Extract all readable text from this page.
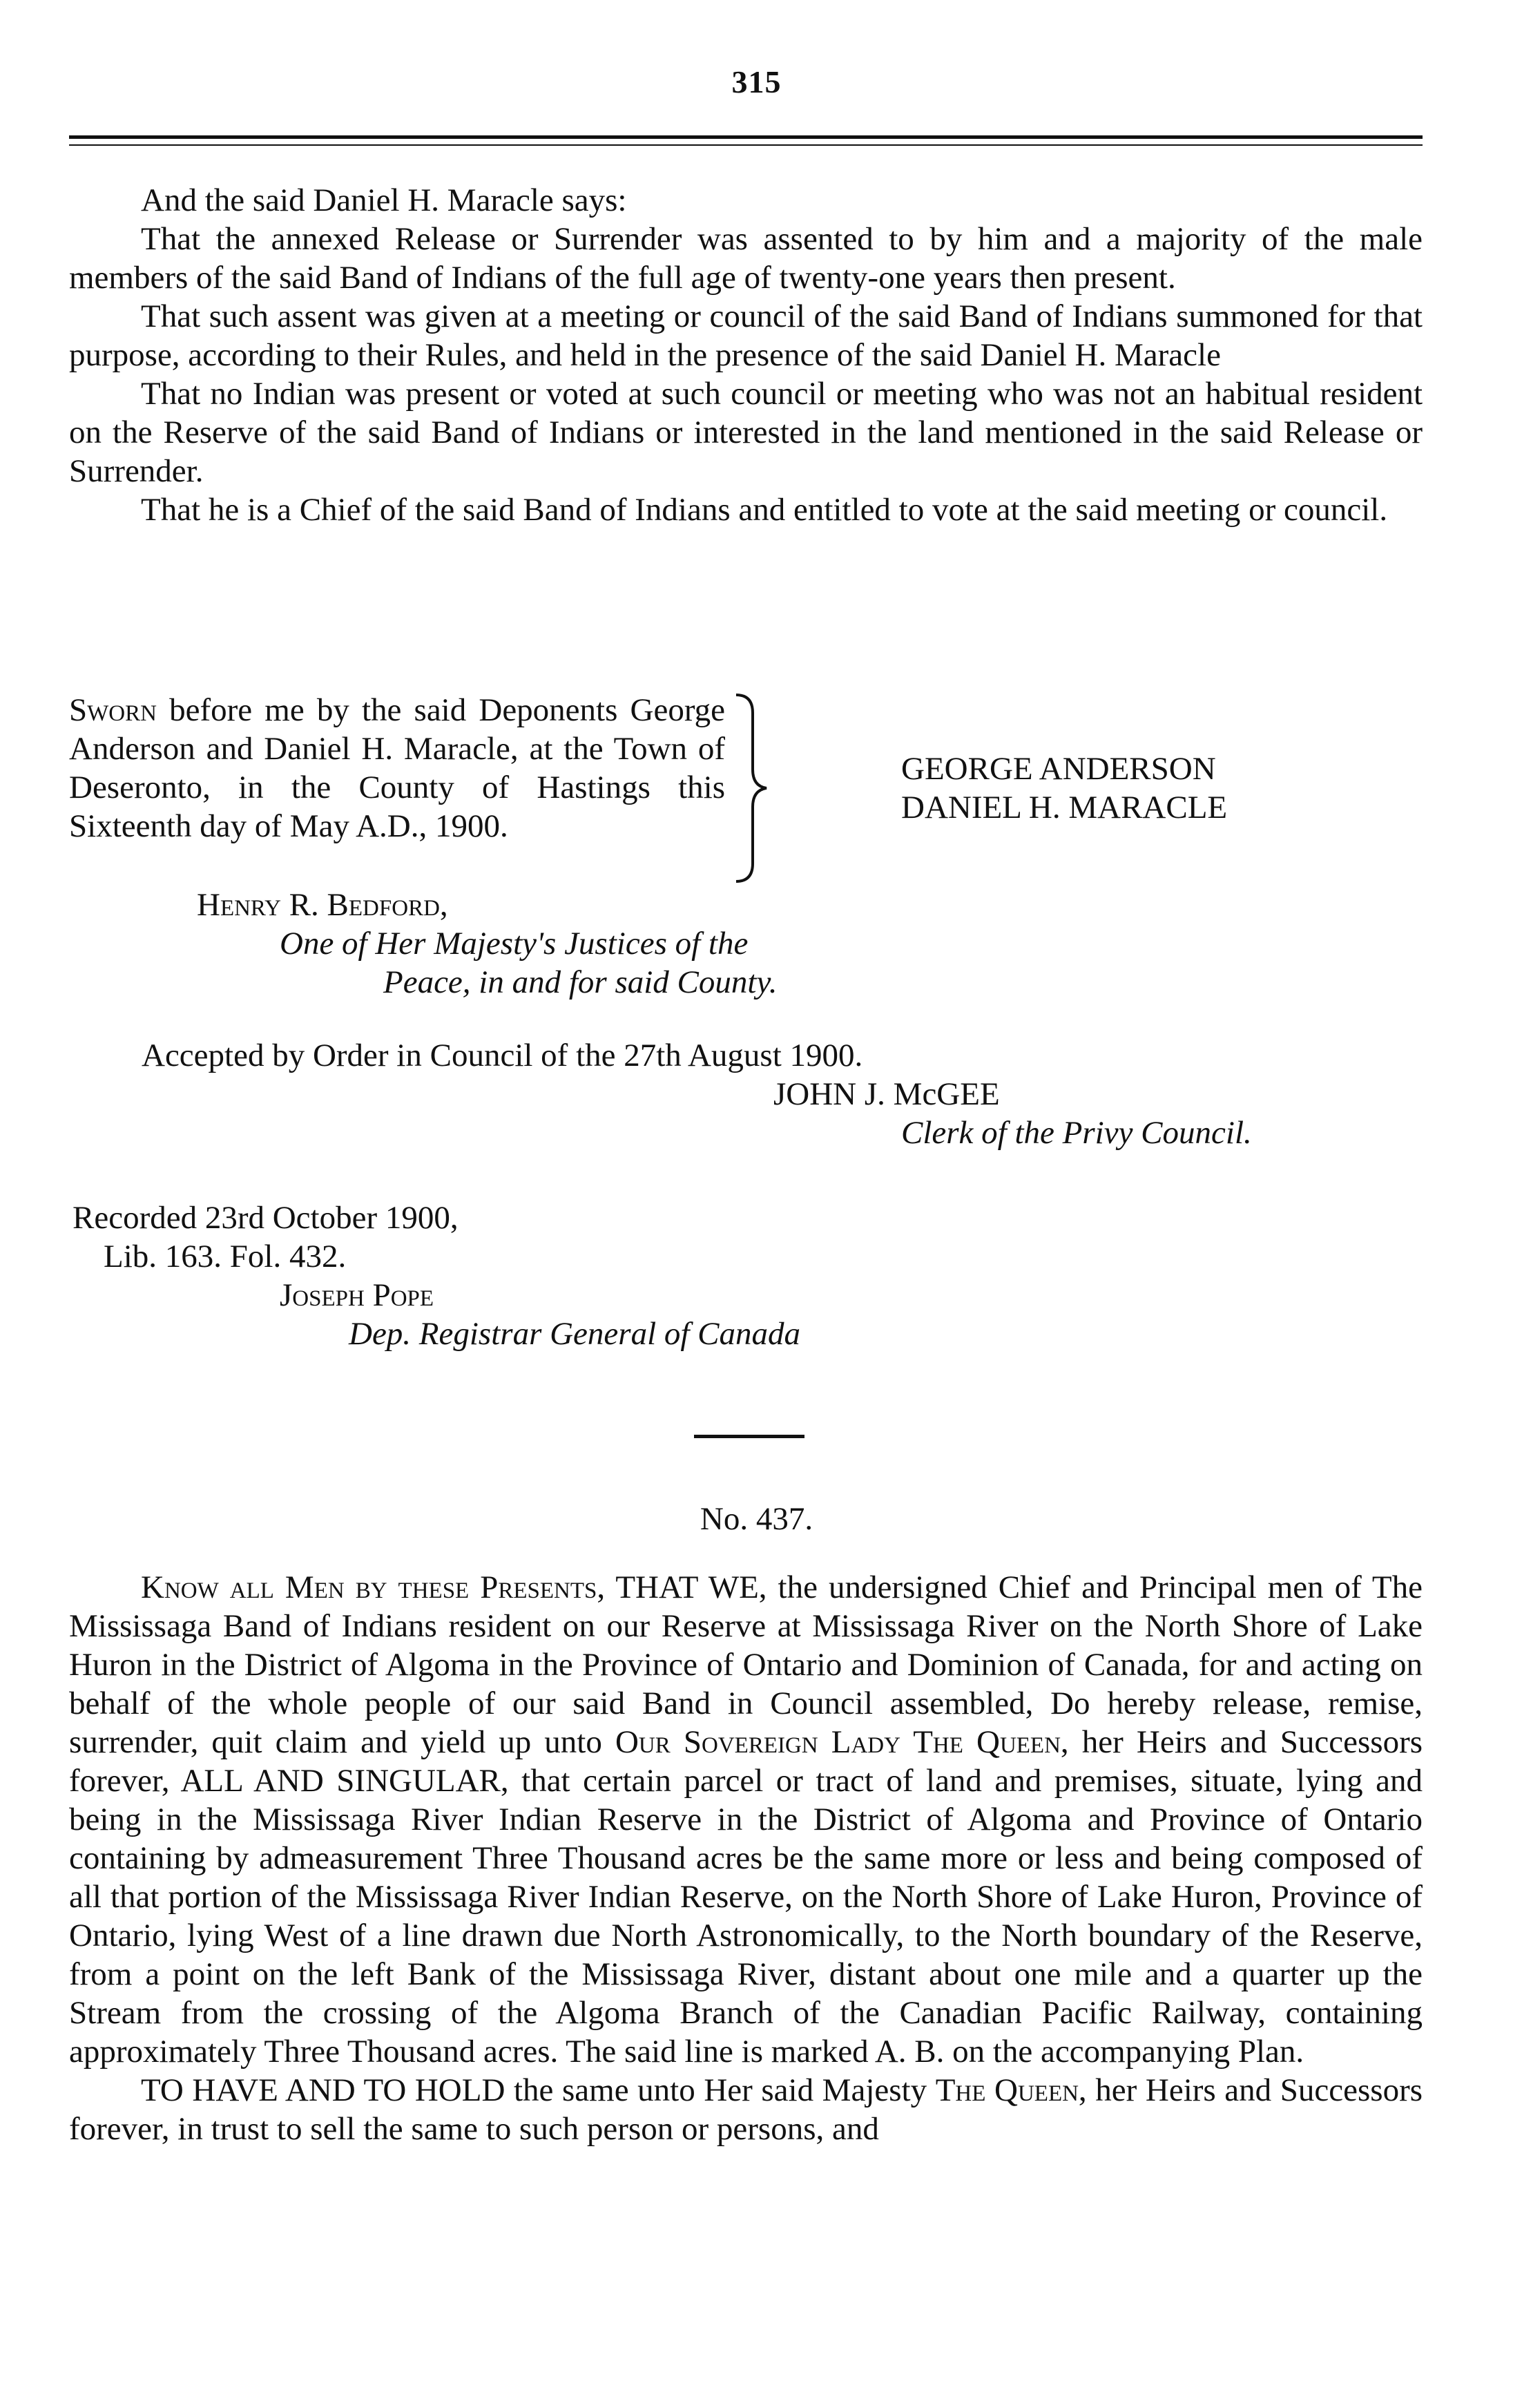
315

And the said Daniel H. Maracle says:

That the annexed Release or Surrender was assented to by him and a majority of the male members of the said Band of Indians of the full age of twenty-one years then present.

That such assent was given at a meeting or council of the said Band of Indians summoned for that purpose, according to their Rules, and held in the presence of the said Daniel H. Maracle

That no Indian was present or voted at such council or meeting who was not an habitual resident on the Reserve of the said Band of Indians or interested in the land mentioned in the said Release or Surrender.

That he is a Chief of the said Band of Indians and entitled to vote at the said meeting or council.

Sworn before me by the said Deponents George Anderson and Daniel H. Maracle, at the Town of Deseronto, in the County of Hastings this Sixteenth day of May A.D., 1900.
GEORGE ANDERSON
DANIEL H. MARACLE
Henry R. Bedford,
One of Her Majesty's Justices of the
Peace, in and for said County.
Accepted by Order in Council of the 27th August 1900.
JOHN J. McGEE
Clerk of the Privy Council.
Recorded 23rd October 1900,
Lib. 163. Fol. 432.
Joseph Pope
Dep. Registrar General of Canada
No. 437.

Know all Men by these Presents, THAT WE, the undersigned Chief and Principal men of The Mississaga Band of Indians resident on our Reserve at Mississaga River on the North Shore of Lake Huron in the District of Algoma in the Province of Ontario and Dominion of Canada, for and acting on behalf of the whole people of our said Band in Council assembled, Do hereby release, remise, surrender, quit claim and yield up unto Our Sovereign Lady The Queen, her Heirs and Successors forever, ALL AND SINGULAR, that certain parcel or tract of land and premises, situate, lying and being in the Mississaga River Indian Reserve in the District of Algoma and Province of Ontario containing by admeasurement Three Thousand acres be the same more or less and being composed of all that portion of the Mississaga River Indian Reserve, on the North Shore of Lake Huron, Province of Ontario, lying West of a line drawn due North Astronomically, to the North boundary of the Reserve, from a point on the left Bank of the Mississaga River, distant about one mile and a quarter up the Stream from the crossing of the Algoma Branch of the Canadian Pacific Railway, containing approximately Three Thousand acres. The said line is marked A. B. on the accompanying Plan.

TO HAVE AND TO HOLD the same unto Her said Majesty The Queen, her Heirs and Successors forever, in trust to sell the same to such person or persons, and
